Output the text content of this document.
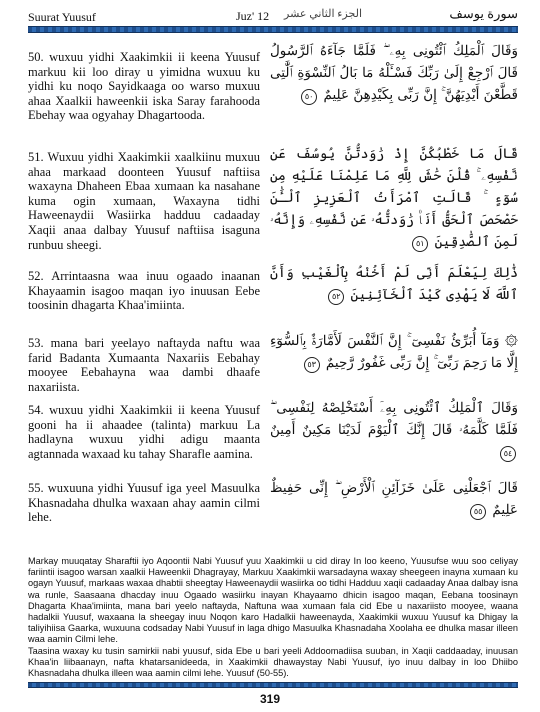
Suurat Yuusuf	Juz' 12 الجزء الثاني عشر	سورة يوسف
50. wuxuu yidhi Xaakimkii ii keena Yuusuf markuu kii loo diray u yimidna wuxuu ku yidhi ku noqo Sayidkaaga oo warso muxuu ahaa Xaalkii haweenkii iska Saray farahooda Ebehay waa ogyahay Dhagartooda.
وَقَالَ ٱلْمَلِكُ ٱئْتُونِى بِهِۦ ۖ فَلَمَّا جَآءَهُ ٱلرَّسُولُ قَالَ ٱرْجِعْ إِلَىٰ رَبِّكَ فَسْـَٔلْهُ مَا بَالُ ٱلنِّسْوَةِ ٱلَّٰتِى قَطَّعْنَ أَيْدِيَهُنَّ ۚ إِنَّ رَبِّى بِكَيْدِهِنَّ عَلِيمٌ ٥٠
51. Wuxuu yidhi Xaakimkii xaalkiinu muxuu ahaa markaad doonteen Yuusuf naftiisa waxayna Dhaheen Ebaa xumaan ka nasahane kuma ogin xumaan, Waxayna tidhi Haweenaydii Wasiirka hadduu cadaaday Xaqii anaa dalbay Yuusuf naftiisa isaguna runbuu sheegi.
قَالَ مَا خَطْبُكُنَّ إِذْ رَٰوَدتُّنَّ يُوسُفَ عَن نَّفْسِهِۦ ۚ قُلْنَ حَٰشَ لِلَّهِ مَا عَلِمْنَا عَلَيْهِ مِن سُوٓءٍ ۚ قَالَتِ ٱمْرَأَتُ ٱلْعَزِيزِ ٱلْـَٰٔنَ حَصْحَصَ ٱلْحَقُّ أَنَا۠ رَٰوَدتُّهُۥ عَن نَّفْسِهِۦ وَإِنَّهُۥ لَمِنَ ٱلصَّٰدِقِينَ ٥١
52. Arrintaasna waa inuu ogaado inaanan Khayaamin isagoo maqan iyo inuusan Eebe toosinin dhagarta Khaa'imiinta.
ذَٰلِكَ لِيَعْلَمَ أَنِّى لَمْ أَخُنْهُ بِٱلْغَيْبِ وَأَنَّ ٱللَّهَ لَا يَهْدِى كَيْدَ ٱلْخَآئِنِينَ ٥٢
53. mana bari yeelayo naftayda naftu waa farid Badanta Xumaanta Naxariis Eebahay mooyee Eebahayna waa dambi dhaafe naxariista.
۞ وَمَآ أُبَرِّئُ نَفْسِىٓ ۚ إِنَّ ٱلنَّفْسَ لَأَمَّارَةٌۢ بِٱلسُّوٓءِ إِلَّا مَا رَحِمَ رَبِّىٓ ۚ إِنَّ رَبِّى غَفُورٌ رَّحِيمٌ ٥٣
54. wuxuu yidhi Xaakimkii ii keena Yuusuf gooni ha ii ahaadee (talinta) markuu La hadlayna wuxuu yidhi adigu maanta agtannada waxaad ku tahay Sharafle aamina.
وَقَالَ ٱلْمَلِكُ ٱئْتُونِى بِهِۦٓ أَسْتَخْلِصْهُ لِنَفْسِى ۖ فَلَمَّا كَلَّمَهُۥ قَالَ إِنَّكَ ٱلْيَوْمَ لَدَيْنَا مَكِينٌ أَمِينٌ ٥٤
55. wuxuuna yidhi Yuusuf iga yeel Masuulka Khasnadaha dhulka waxaan ahay aamin cilmi lehe.
قَالَ ٱجْعَلْنِى عَلَىٰ خَزَآئِنِ ٱلْأَرْضِ ۖ إِنِّى حَفِيظٌ عَلِيمٌ ٥٥

Markay muuqatay Sharaftii iyo Aqoontii Nabi Yuusuf yuu Xaakimkii u cid diray In loo keeno, Yuusufse wuu soo celiyay fariintii isagoo warsan xaalkii Haweenkii Dhagrayay, Markuu Xaakimkii warsadayna waxay sheegeen inayna xumaan ku ogayn Yuusuf, markaas waxaa dhabtii sheegtay Haweenaydii wasiirka oo tidhi Hadduu xaqii cadaaday Anaa dalbay isna wa runle, Saasaana dhacday inuu Ogaado wasiirku inayan Khayaamo dhicin isagoo maqan, Eebana toosinayn Dhagarta Khaa'imiinta, mana bari yeelo naftayda, Naftuna waa xumaan fala cid Ebe u naxariisto mooyee, waana hadalkii Yuusuf, waxaana la sheegay inuu Noqon karo Hadalkii haweenayda, Xaakimkii wuxuu Yuusuf ka Dhigay la taliyihiisa Gaarka, wuxuuna codsaday Nabi Yuusuf in laga dhigo Masuulka Khasnadaha Xoolaha ee dhulka masar illeen waa aamin Cilmi lehe.

Taasina waxay ku tusin samirkii nabi yuusuf, sida Ebe u bari yeeli Addoomadiisa suuban, in Xaqii caddaaday, inuusan Khaa'in liibaanayn, nafta khatarsanideeda, in Xaakimkii dhawaystay Nabi Yuusuf, iyo inuu dalbay in loo Dhiibo Khasnadaha dhulka illeen waa aamin cilmi lehe. Yuusuf (50-55).

319
